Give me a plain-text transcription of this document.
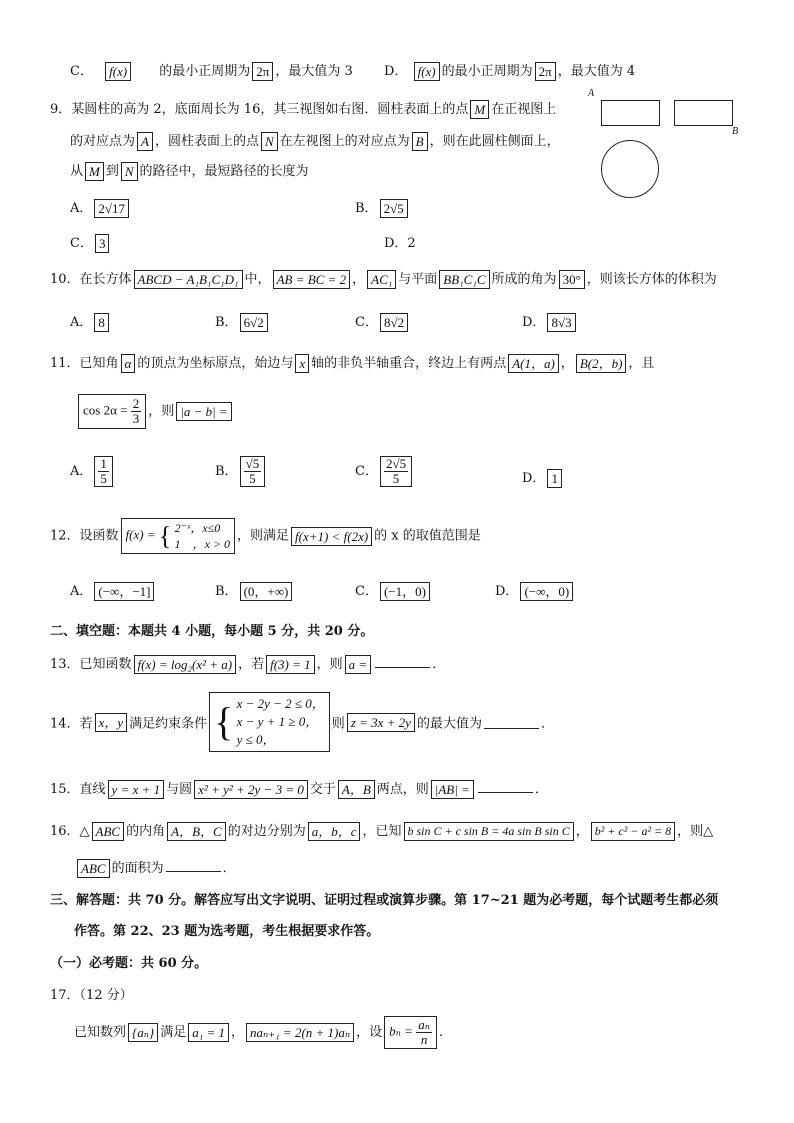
C． f(x) 的最小正周期为 2π ，最大值为 3 D． f(x) 的最小正周期为 2π ，最大值为 4
9．某圆柱的高为 2，底面周长为 16，其三视图如右图．圆柱表面上的点 M 在正视图上
的对应点为 A ，圆柱表面上的点 N 在左视图上的对应点为 B ，则在此圆柱侧面上，
从 M 到 N 的路径中，最短路径的长度为
A． 2√17	B． 2√5
C． 3	D．2
A
B
10．在长方体 ABCD − A₁B₁C₁D₁ 中， AB = BC = 2 ， AC₁ 与平面 BB₁C₁C 所成的角为 30° ，则该长方体的体积为
A． 8	B． 6√2	C． 8√2	D． 8√3
11．已知角 α 的顶点为坐标原点，始边与 x 轴的非负半轴重合，终边上有两点 A(1，a) ， B(2，b) ，且
$\cos 2\alpha = \frac{2}{3}$ ，则 |a − b| =
A． $\frac{1}{5}$	B． $\frac{√5}{5}$	C． $\frac{2√5}{5}$	D． 1
12．设函数 f(x) = { 2⁻ˣ，x≤0
1　，x > 0
，则满足 f(x+1) < f(2x) 的 x 的取值范围是
A． (−∞，−1]	B． (0，+∞)	C． (−1，0)	D． (−∞，0)
二、填空题：本题共 4 小题，每小题 5 分，共 20 分。
13．已知函数 f(x) = log₂(x² + a) ，若 f(3) = 1 ，则 a =	．
14．若 x，y 满足约束条件 { x − 2y − 2 ≤ 0，
x − y + 1 ≥ 0，
y ≤ 0，
则 z = 3x + 2y 的最大值为	．
15．直线 y = x + 1 与圆 x² + y² + 2y − 3 = 0 交于 A，B 两点，则 |AB| =	．
16．△ ABC 的内角 A，B，C 的对边分别为 a，b，c ，已知 b sin C + c sin B = 4a sin B sin C ， b² + c² − a² = 8 ，则△
ABC 的面积为	．
三、解答题：共 70 分。解答应写出文字说明、证明过程或演算步骤。第 17~21 题为必考题，每个试题考生都必须
作答。第 22、23 题为选考题，考生根据要求作答。
（一）必考题：共 60 分。
17．（12 分）
已知数列 {aₙ} 满足 a₁ = 1 ， naₙ₊₁ = 2(n + 1)aₙ ，设 $b_n = \frac{\text{aₙ}}{n}$ .
